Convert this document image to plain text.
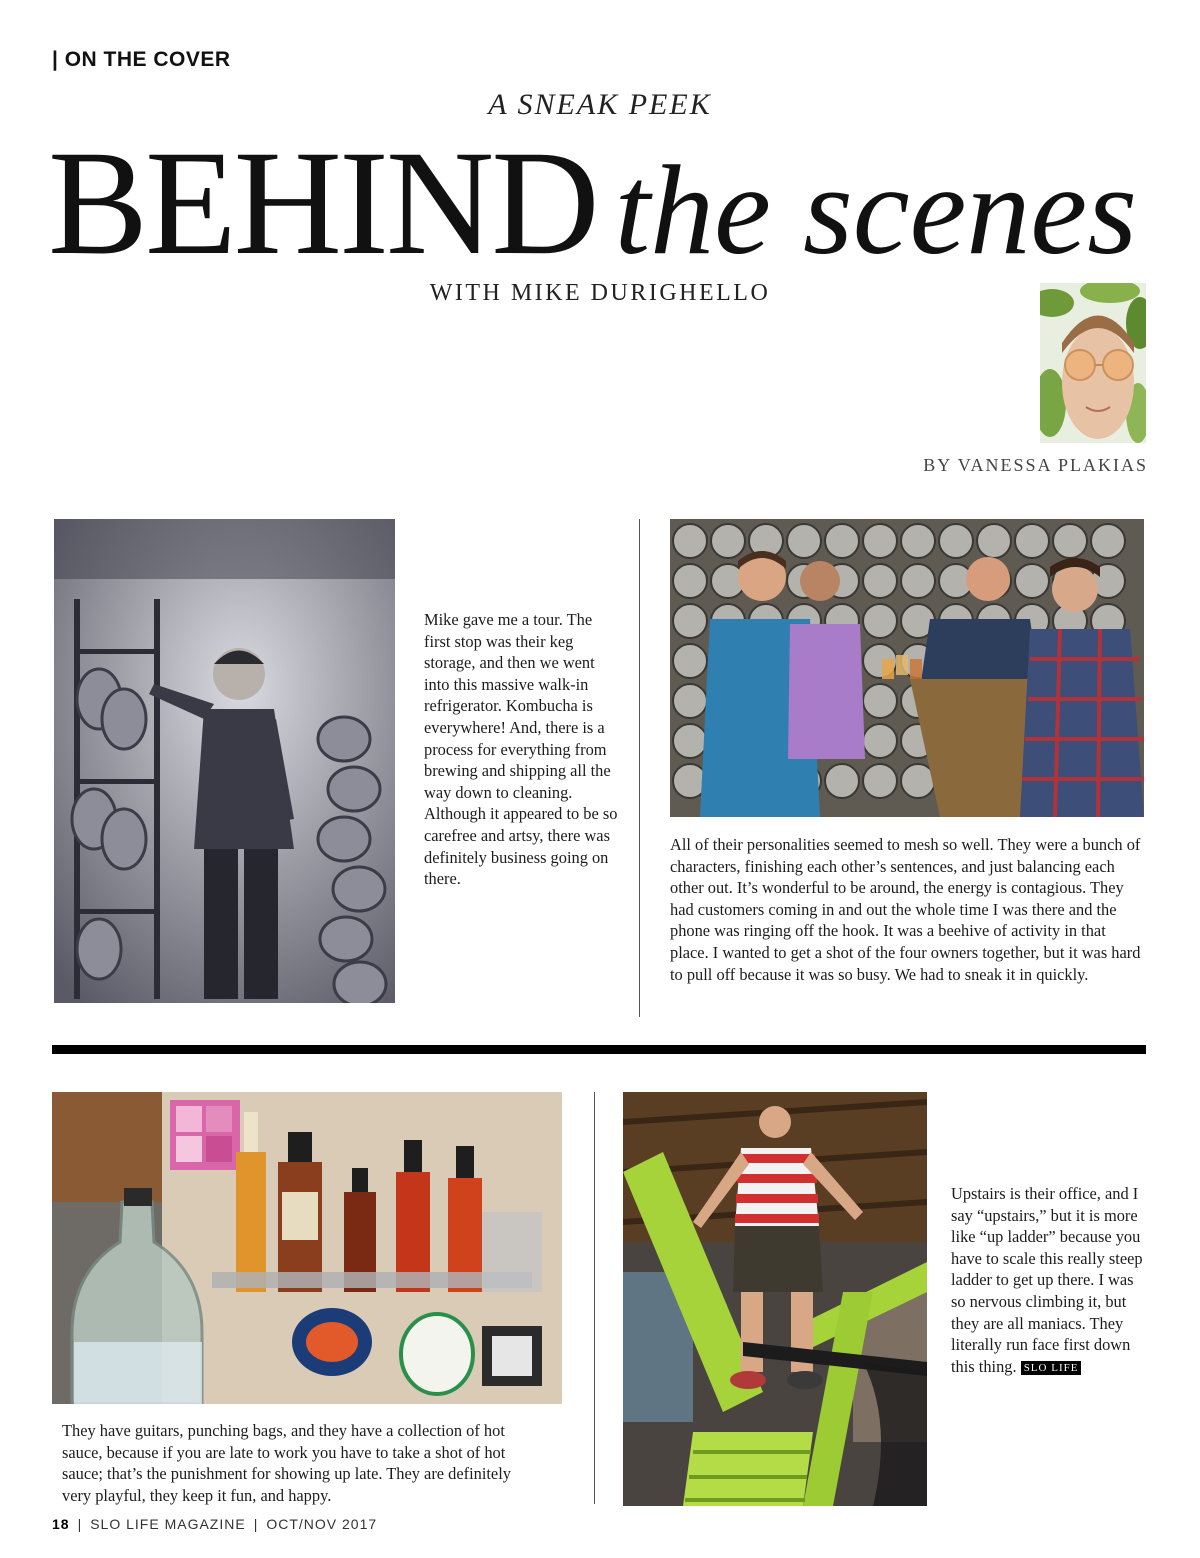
| ON THE COVER
A SNEAK PEEK
BEHIND the scenes
WITH MIKE DURIGHELLO
BY VANESSA PLAKIAS
Mike gave me a tour. The first stop was their keg storage, and then we went into this massive walk-in refrigerator. Kombucha is everywhere! And, there is a process for everything from brewing and shipping all the way down to cleaning. Although it appeared to be so carefree and artsy, there was definitely business going on there.
All of their personalities seemed to mesh so well. They were a bunch of characters, finishing each other’s sentences, and just balancing each other out. It’s wonderful to be around, the energy is contagious. They had customers coming in and out the whole time I was there and the phone was ringing off the hook. It was a beehive of activity in that place. I wanted to get a shot of the four owners together, but it was hard to pull off because it was so busy. We had to sneak it in quickly.
They have guitars, punching bags, and they have a collection of hot sauce, because if you are late to work you have to take a shot of hot sauce; that’s the punishment for showing up late. They are definitely very playful, they keep it fun, and happy.
Upstairs is their office, and I say “upstairs,” but it is more like “up ladder” because you have to scale this really steep ladder to get up there. I was so nervous climbing it, but they are all maniacs. They literally run face first down this thing. SLO LIFE
18 | SLO LIFE MAGAZINE | OCT/NOV 2017
